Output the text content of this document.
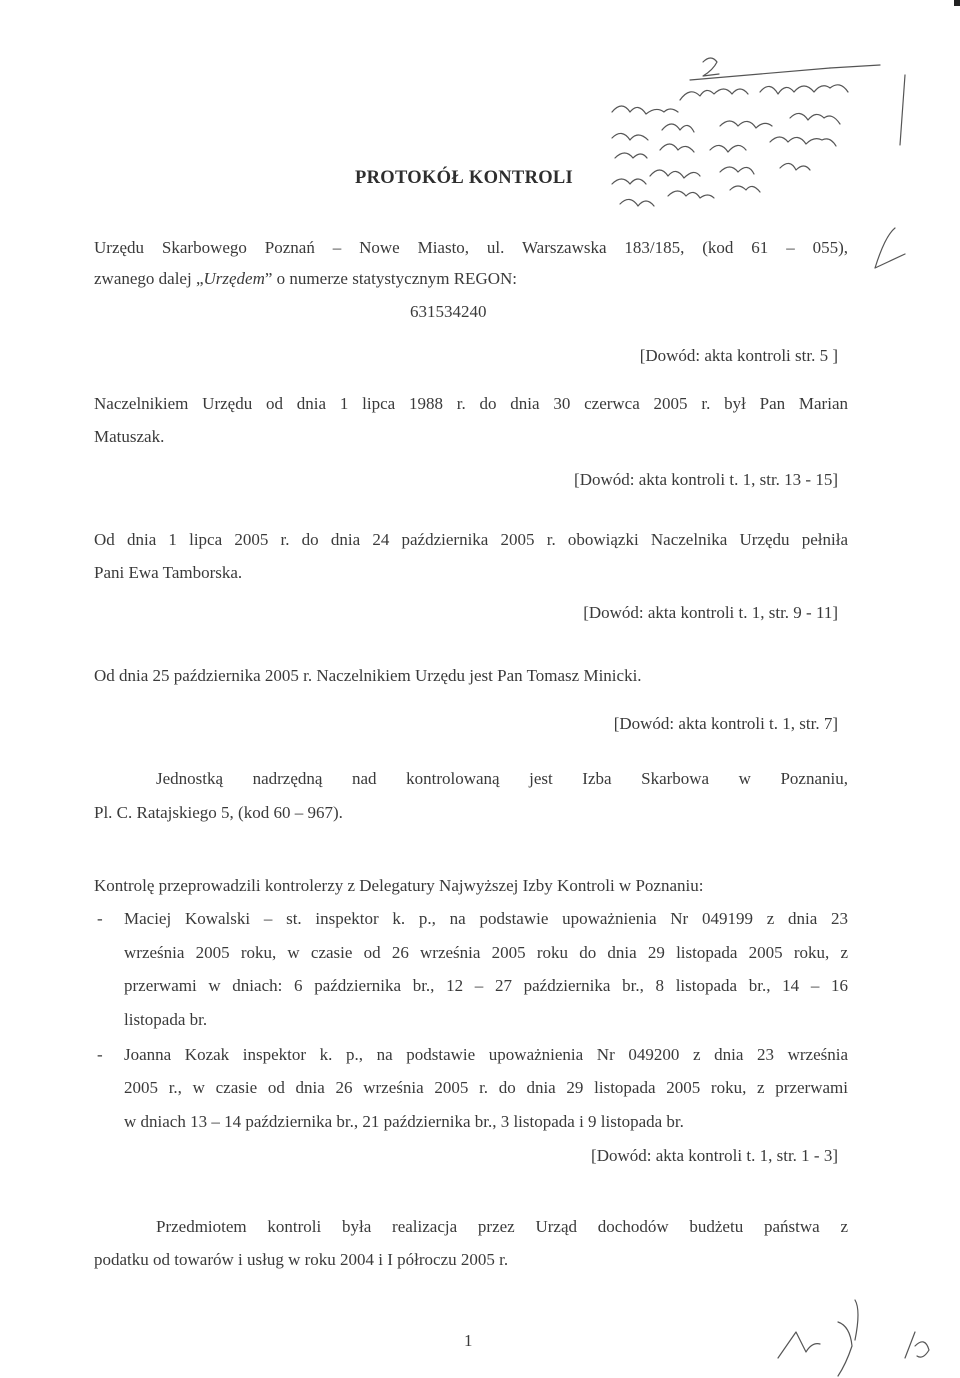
PROTOKÓŁ KONTROLI
Urzędu Skarbowego Poznań – Nowe Miasto, ul. Warszawska 183/185, (kod 61 – 055),
zwanego dalej „Urzędem” o numerze statystycznym REGON:
631534240
[Dowód: akta kontroli str. 5 ]
Naczelnikiem Urzędu od dnia 1 lipca 1988 r. do dnia 30 czerwca 2005 r. był Pan Marian
Matuszak.
[Dowód: akta kontroli t. 1, str. 13 - 15]
Od dnia 1 lipca 2005 r. do dnia 24 października 2005 r. obowiązki Naczelnika Urzędu pełniła
Pani Ewa Tamborska.
[Dowód: akta kontroli t. 1, str. 9 - 11]
Od dnia 25 października 2005 r. Naczelnikiem Urzędu jest Pan Tomasz Minicki.
[Dowód: akta kontroli t. 1, str. 7]
Jednostką nadrzędną nad kontrolowaną jest Izba Skarbowa w Poznaniu,
Pl. C. Ratajskiego 5, (kod 60 – 967).
Kontrolę przeprowadzili kontrolerzy z Delegatury Najwyższej Izby Kontroli w Poznaniu:
- Maciej Kowalski – st. inspektor k. p., na podstawie upoważnienia Nr 049199 z dnia 23
września 2005 roku, w czasie od 26 września 2005 roku do dnia 29 listopada 2005 roku, z
przerwami w dniach: 6 października br., 12 – 27 października br., 8 listopada br., 14 – 16
listopada br.
- Joanna Kozak inspektor k. p., na podstawie upoważnienia Nr 049200 z dnia 23 września
2005 r., w czasie od dnia 26 września 2005 r. do dnia 29 listopada 2005 roku, z przerwami
w dniach 13 – 14 października br., 21 października br., 3 listopada i 9 listopada br.
[Dowód: akta kontroli t. 1, str. 1 - 3]
Przedmiotem kontroli była realizacja przez Urząd dochodów budżetu państwa z
podatku od towarów i usług w roku 2004 i I półroczu 2005 r.
1
